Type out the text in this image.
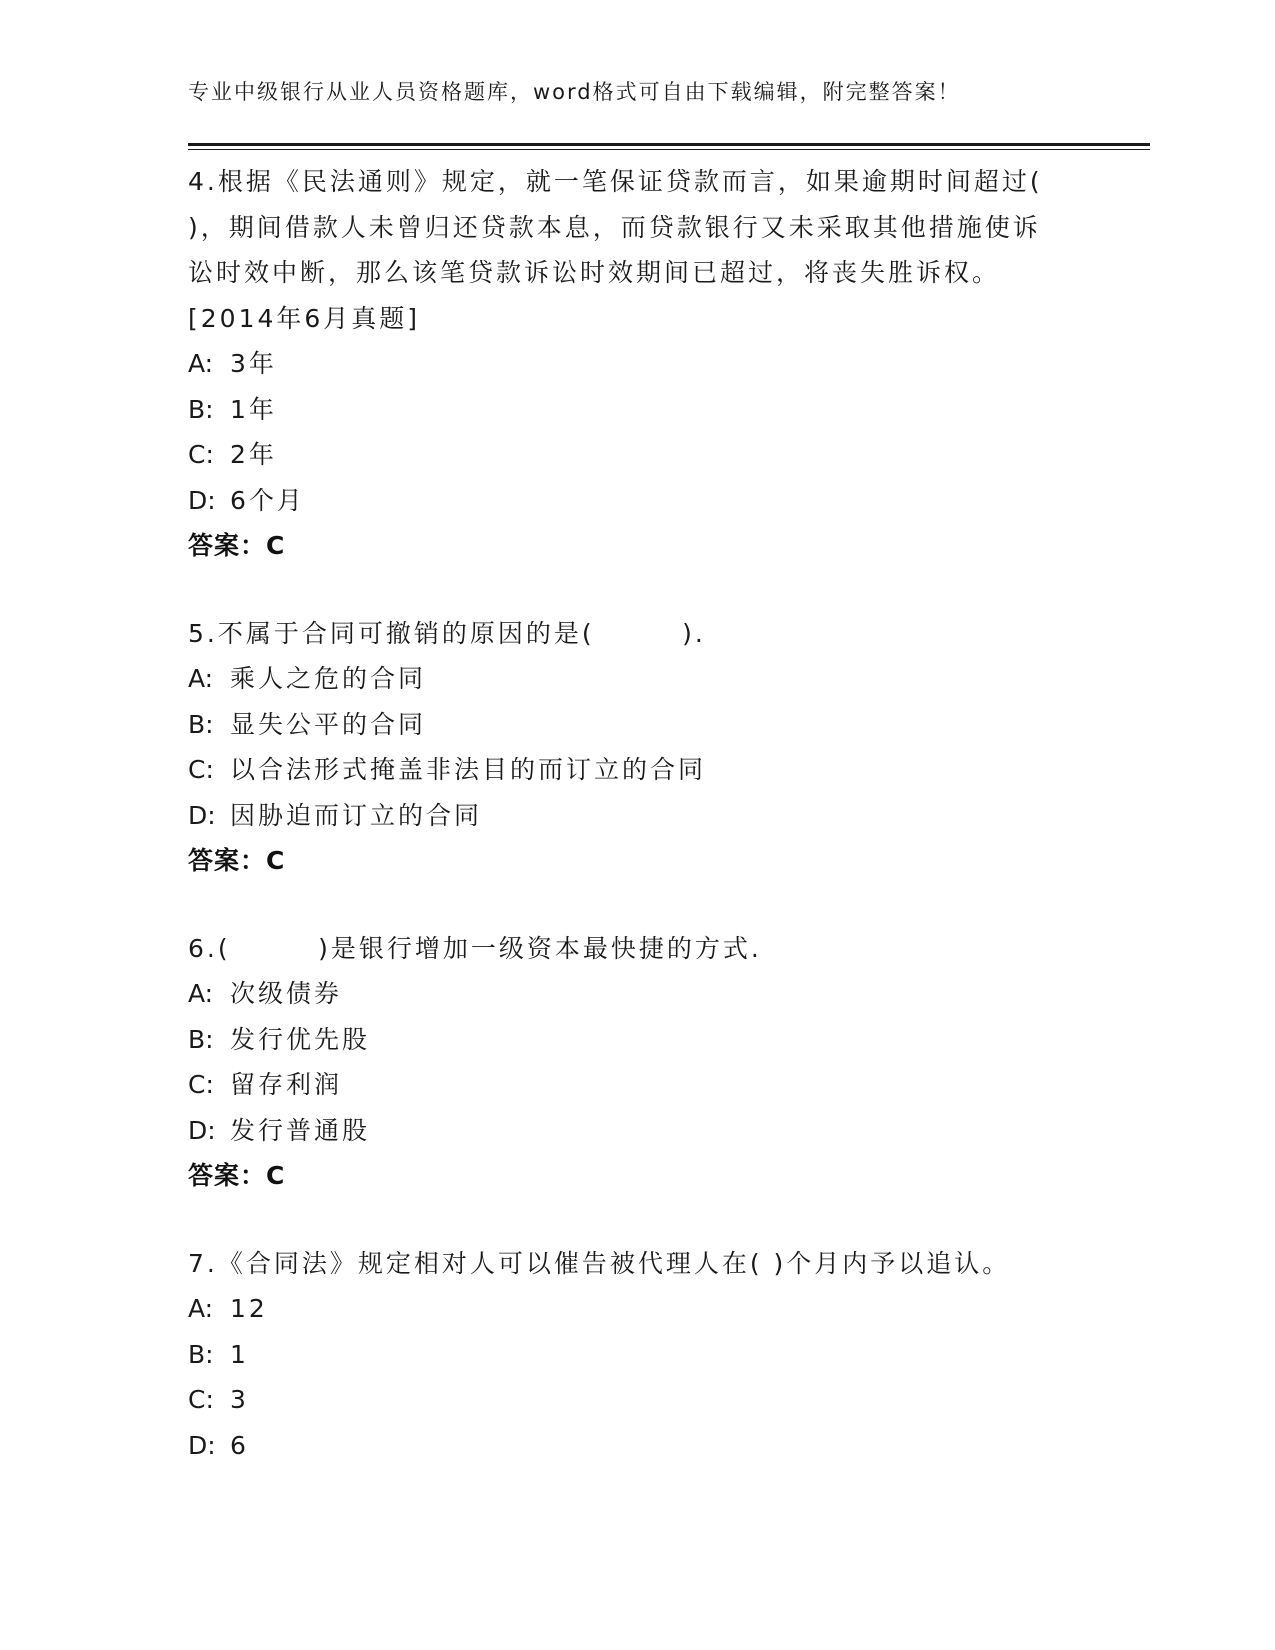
专业中级银行从业人员资格题库，word格式可自由下载编辑，附完整答案！

4.根据《民法通则》规定，就一笔保证贷款而言，如果逾期时间超过(
)，期间借款人未曾归还贷款本息，而贷款银行又未采取其他措施使诉
讼时效中断，那么该笔贷款诉讼时效期间已超过，将丧失胜诉权。
[2014年6月真题]

A: 3年

B: 1年

C: 2年

D: 6个月

答案：C

5.不属于合同可撤销的原因的是(        ).

A: 乘人之危的合同

B: 显失公平的合同

C: 以合法形式掩盖非法目的而订立的合同

D: 因胁迫而订立的合同

答案：C

6.(        )是银行增加一级资本最快捷的方式.

A: 次级债券

B: 发行优先股

C: 留存利润

D: 发行普通股

答案：C

7.《合同法》规定相对人可以催告被代理人在( )个月内予以追认。

A: 12

B: 1

C: 3

D: 6
